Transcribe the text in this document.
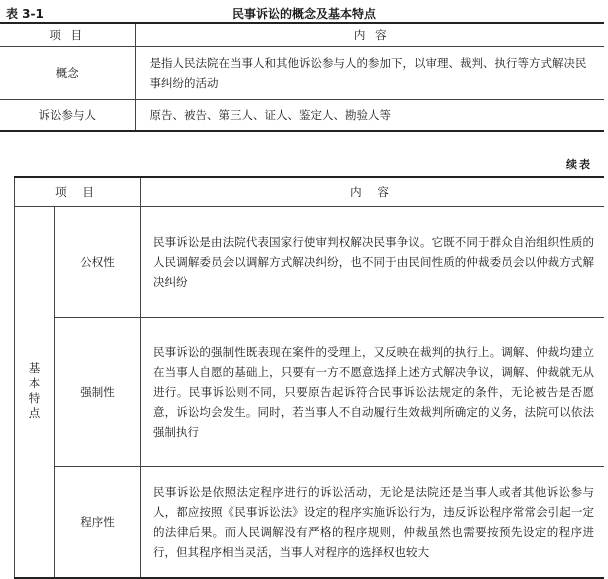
表 3-1	民事诉讼的概念及基本特点
项 目	内 容
概念	是指人民法院在当事人和其他诉讼参与人的参加下，以审理、裁判、执行等方式解决民事纠纷的活动
诉讼参与人	原告、被告、第三人、证人、鉴定人、勘验人等
续表
项 目		内 容
基本特点	公权性	民事诉讼是由法院代表国家行使审判权解决民事争议。它既不同于群众自治组织性质的人民调解委员会以调解方式解决纠纷，也不同于由民间性质的仲裁委员会以仲裁方式解决纠纷
	强制性	民事诉讼的强制性既表现在案件的受理上，又反映在裁判的执行上。调解、仲裁均建立在当事人自愿的基础上，只要有一方不愿意选择上述方式解决争议，调解、仲裁就无从进行。民事诉讼则不同，只要原告起诉符合民事诉讼法规定的条件，无论被告是否愿意，诉讼均会发生。同时，若当事人不自动履行生效裁判所确定的义务，法院可以依法强制执行
	程序性	民事诉讼是依照法定程序进行的诉讼活动，无论是法院还是当事人或者其他诉讼参与人，都应按照《民事诉讼法》设定的程序实施诉讼行为，违反诉讼程序常常会引起一定的法律后果。而人民调解没有严格的程序规则，仲裁虽然也需要按预先设定的程序进行，但其程序相当灵活，当事人对程序的选择权也较大
